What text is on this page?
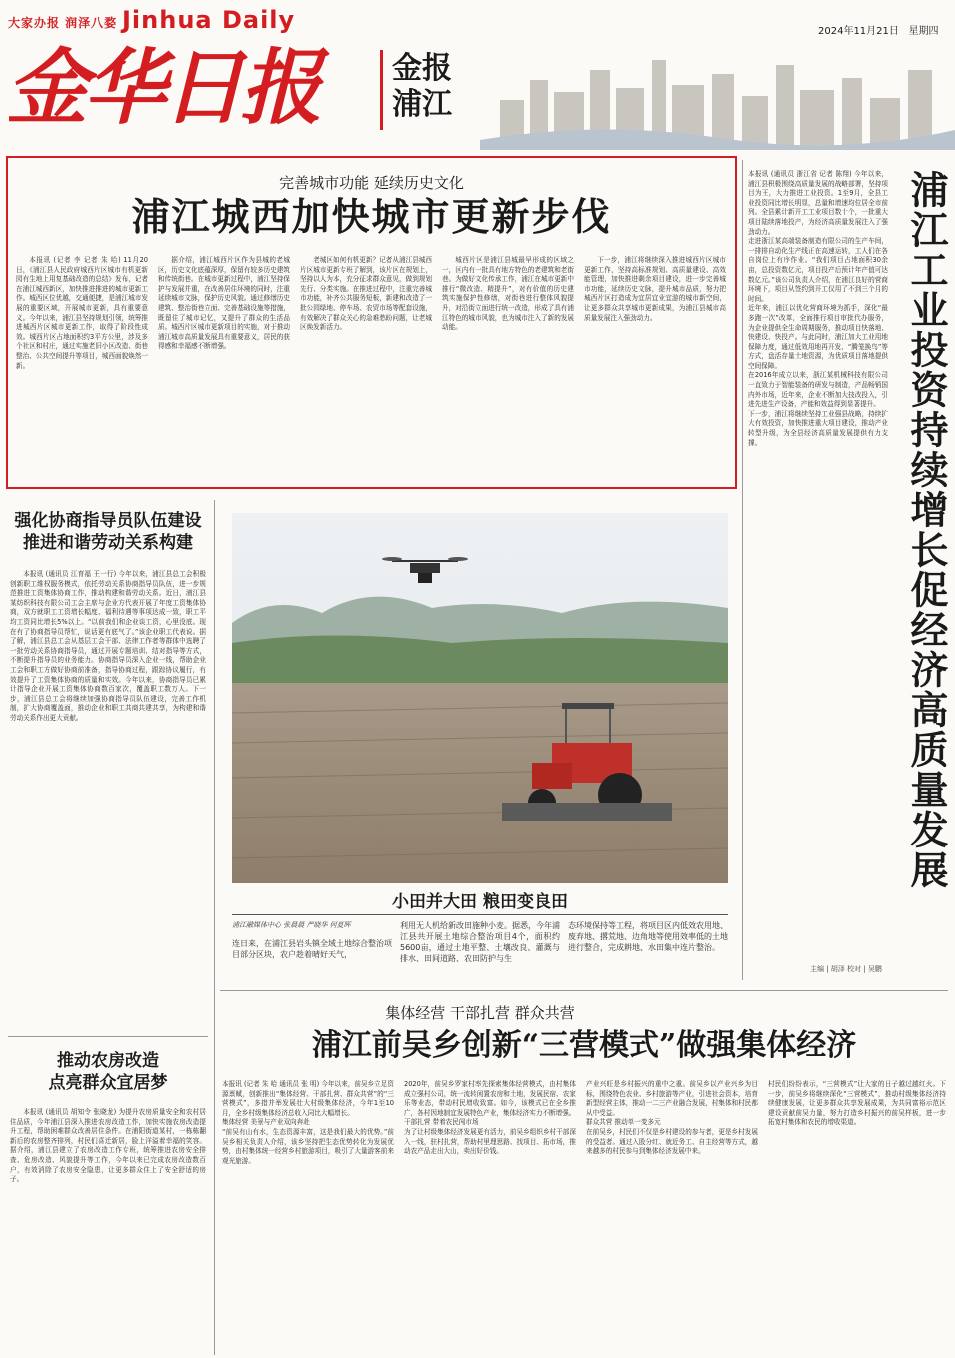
大家办报 润泽八婺 Jinhua Daily
金华日报 金报
浦江
2024年11月21日 星期四
完善城市功能 延续历史文化
浦江城西加快城市更新步伐
本报讯 (记者 李 记者 朱 哈) 11月20日，《浦江县人民政府城西片区城市有机更新园有生地上用复基础改造的总结》发布，记者在浦江城西新区，加快推进推进的城市更新工作。城西区位优越，交通便捷，是浦江城市发展的重要区域，开展城市更新，具有重要意义。今年以来，浦江县坚持规划引领，统筹推进城西片区城市更新工作，取得了阶段性成效。城西片区占地面积约3平方公里，涉及多个社区和村庄，通过实施老旧小区改造、街巷整治、公共空间提升等项目，城西面貌焕然一新。
据介绍，浦江城西片区作为县城的老城区，历史文化底蕴深厚，保留有较多历史建筑和传统街巷。在城市更新过程中，浦江坚持保护与发展并重，在改善居住环境的同时，注重延续城市文脉，保护历史风貌。通过修缮历史建筑、整治街巷立面、完善基础设施等措施，既留住了城市记忆，又提升了群众的生活品质。城西片区城市更新项目的实施，对于推动浦江城市高质量发展具有重要意义，居民的获得感和幸福感不断增强。
老城区如何有机更新？记者从浦江县城西片区城市更新专班了解到，该片区在规划上，坚持以人为本，充分征求群众意见，做到规划先行、分类实施。在推进过程中，注重完善城市功能，补齐公共服务短板，新建和改造了一批公园绿地、停车场、农贸市场等配套设施，有效解决了群众关心的急难愁盼问题，让老城区焕发新活力。
城西片区是浦江县城最早形成的区域之一，区内有一批具有地方特色的老建筑和老街巷。为做好文化传承工作，浦江在城市更新中推行“微改造、精提升”，对有价值的历史建筑实施保护性修缮，对街巷进行整体风貌提升，对沿街立面进行统一改造，形成了具有浦江特色的城市风貌，也为城市注入了新的发展动能。
下一步，浦江将继续深入推进城西片区城市更新工作，坚持高标准规划、高质量建设、高效能管理，加快推进剩余项目建设，进一步完善城市功能，延续历史文脉，提升城市品质，努力把城西片区打造成为宜居宜业宜游的城市新空间，让更多群众共享城市更新成果，为浦江县城市高质量发展注入强劲动力。
本报讯 (通讯员 浙江省 记者 陈翔) 今年以来，浦江县积极围绕高质量发展的战略部署，坚持项目为王，大力推进工业投资。1至9月，全县工业投资同比增长明显，总量和增速均位居全市前列。全县累计新开工工业项目数十个，一批重大项目陆续落地投产，为经济高质量发展注入了强劲动力。
走进浙江某高端装备制造有限公司的生产车间，一排排自动化生产线正在高速运转，工人们在各自岗位上有序作业。“我们项目占地面积30余亩，总投资数亿元，项目投产后预计年产值可达数亿元。”该公司负责人介绍，在浦江良好的营商环境下，项目从签约到开工仅用了不到三个月的时间。
近年来，浦江以优化营商环境为抓手，深化“最多跑一次”改革，全面推行项目审批代办服务，为企业提供全生命周期服务，推动项目快落地、快建设、快投产。与此同时，浦江加大工业用地保障力度，通过低效用地再开发、“腾笼换鸟”等方式，盘活存量土地资源，为优质项目落地提供空间保障。
在2016年成立以来，浙江某机械科技有限公司一直致力于智能装备的研发与制造，产品畅销国内外市场，近年来，企业不断加大技改投入，引进先进生产设备，产能和效益得到显著提升。
下一步，浦江将继续坚持工业强县战略，持续扩大有效投资，加快推进重大项目建设，推动产业转型升级，为全县经济高质量发展提供有力支撑。	浦江工业投资持续增长促经济高质量发展
主编 | 胡泽 校对 | 吴鹏
强化协商指导员队伍建设
推进和谐劳动关系构建
本报讯 (通讯员 江育福 王一行) 今年以来，浦江县总工会积极创新职工维权服务模式，依托劳动关系协商指导员队伍，进一步规范推进工资集体协商工作，推动构建和谐劳动关系。近日，浦江县某纺织科技有限公司工会主席与企业方代表开展了年度工资集体协商，双方就职工工资增长幅度、福利待遇等事项达成一致，职工平均工资同比增长5%以上。“以前我们和企业谈工资，心里没底。现在有了协商指导员帮忙，说话更有底气了。”该企业职工代表说。据了解，浦江县总工会从基层工会干部、法律工作者等群体中选聘了一批劳动关系协商指导员，通过开展专题培训、结对指导等方式，不断提升指导员的业务能力。协商指导员深入企业一线，帮助企业工会和职工方做好协商前准备，指导协商过程，跟踪协议履行，有效提升了工资集体协商的质量和实效。今年以来，协商指导员已累计指导企业开展工资集体协商数百家次，覆盖职工数万人。下一步，浦江县总工会将继续加强协商指导员队伍建设，完善工作机制，扩大协商覆盖面，推动企业和职工共商共建共享，为构建和谐劳动关系作出更大贡献。
推动农房改造
点亮群众宜居梦
本报讯 (通讯员 胡知令 张晓龙) 为提升农房质量安全和农村居住品质，今年浦江县深入推进农房改造工作，加快实施农房改造提升工程，帮助困难群众改善居住条件。在浦阳街道某村，一栋栋翻新后的农房整齐排列，村民们喜迁新居，脸上洋溢着幸福的笑容。据介绍，浦江县建立了农房改造工作专班，统筹推进农房安全排查、危房改造、风貌提升等工作，今年以来已完成农房改造数百户，有效消除了农房安全隐患，让更多群众住上了安全舒适的房子。
小田并大田 粮田变良田
浦江融媒体中心 张晨晨 严晓华 何夏晖
连日来，在浦江县岩头镇全域土地综合整治项目部分区块，农户趁着晴好天气，
利用无人机给新改田施种小麦。据悉，今年浦江县共开展土地综合整治项目4个，面积约5600亩，通过土地平整、土壤改良、灌溉与排水、田间道路、农田防护与生
态环境保持等工程，将项目区内低效农用地、废弃地、撂荒地、边角地等使用效率低的土地进行整合，完成耕地、水田集中连片整治。
集体经营 干部扎营 群众共营
浦江前吴乡创新“三营模式”做强集体经济
本报讯 (记者 朱 哈 通讯员 张 明) 今年以来，前吴乡立足资源禀赋，创新推出“集体经营、干部扎营、群众共营”的“三营模式”，多措并举发展壮大村级集体经济，今年1至10月，全乡村级集体经济总收入同比大幅增长。
集体经营 美景与产业双向奔赴
“前吴有山有水，生态资源丰富，这是我们最大的优势。”前吴乡相关负责人介绍，该乡坚持把生态优势转化为发展优势，由村集体统一经营乡村旅游项目，吸引了大量游客前来观光旅游。
2020年，前吴乡罗家村率先探索集体经营模式，由村集体成立强村公司，统一流转闲置农房和土地，发展民宿、农家乐等业态，带动村民增收致富。如今，该模式已在全乡推广，各村因地制宜发展特色产业，集体经济实力不断增强。
干部扎营 带着农民闯市场
为了让村级集体经济发展更有活力，前吴乡组织乡村干部深入一线，驻村扎营，帮助村里理思路、找项目、拓市场，推动农产品走出大山，卖出好价钱。
产业兴旺是乡村振兴的重中之重。前吴乡以产业兴乡为目标，围绕特色农业、乡村旅游等产业，引进社会资本，培育新型经营主体，推动一二三产业融合发展，村集体和村民都从中受益。
群众共营 推动单一变多元
在前吴乡，村民们不仅是乡村建设的参与者，更是乡村发展的受益者。通过入股分红、就近务工、自主经营等方式，越来越多的村民参与到集体经济发展中来。
村民们纷纷表示，“三营模式”让大家的日子越过越红火。下一步，前吴乡将继续深化“三营模式”，推动村级集体经济持续健康发展，让更多群众共享发展成果，为共同富裕示范区建设贡献前吴力量，努力打造乡村振兴的前吴样板，进一步拓宽村集体和农民的增收渠道。
